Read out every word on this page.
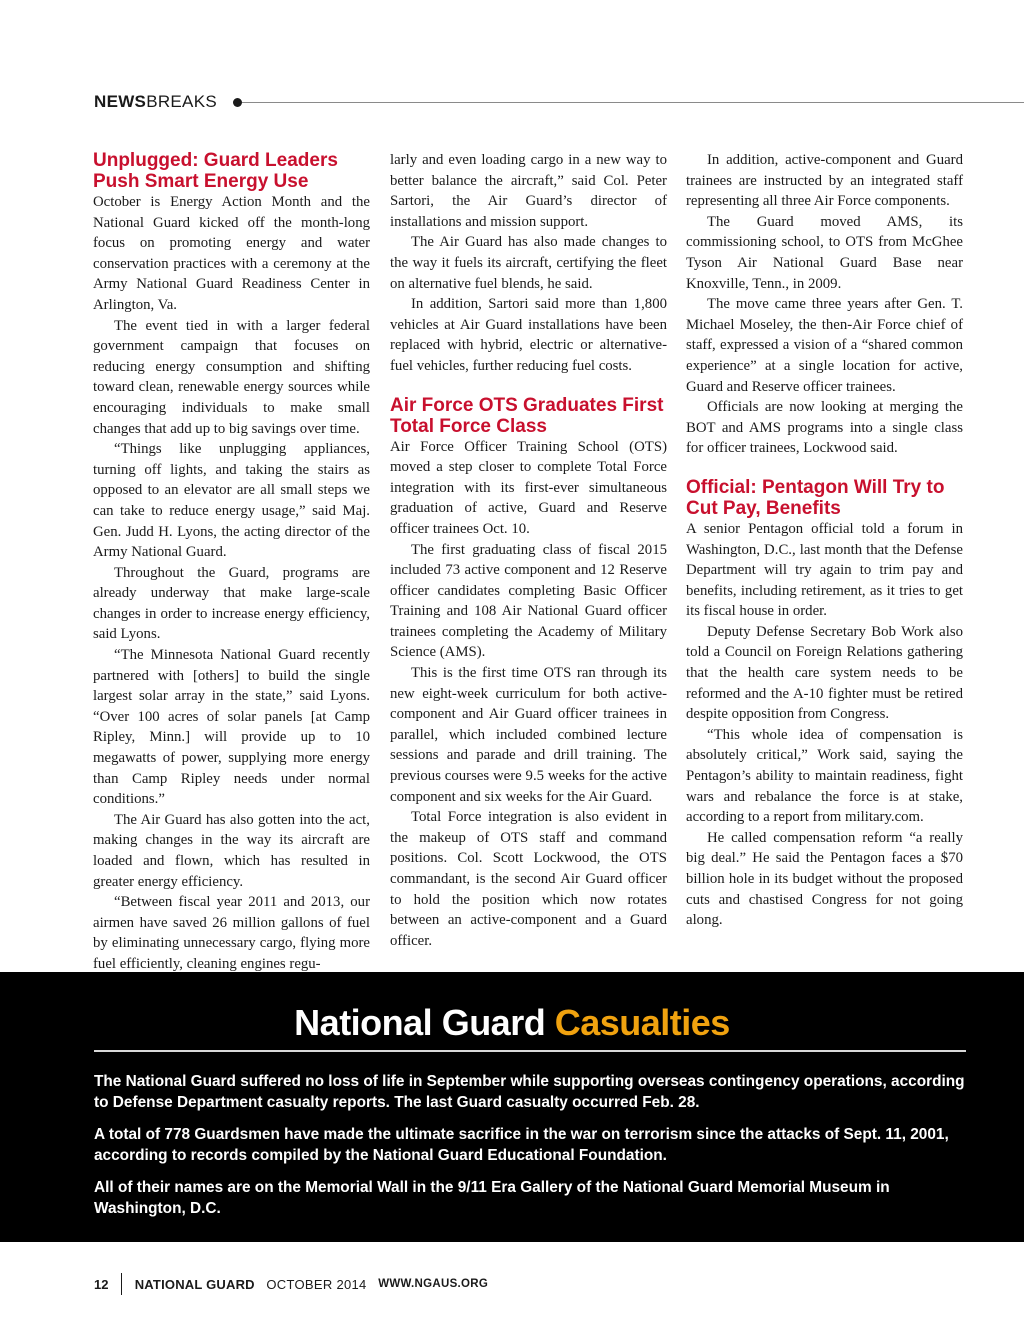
NEWSBREAKS
Unplugged: Guard Leaders Push Smart Energy Use

October is Energy Action Month and the National Guard kicked off the month-long focus on promoting energy and water conservation practices with a ceremony at the Army National Guard Readiness Center in Arlington, Va.

The event tied in with a larger federal government campaign that focuses on reducing energy consumption and shifting toward clean, renewable energy sources while encouraging individuals to make small changes that add up to big savings over time.

“Things like unplugging appliances, turning off lights, and taking the stairs as opposed to an elevator are all small steps we can take to reduce energy usage,” said Maj. Gen. Judd H. Lyons, the acting director of the Army National Guard.

Throughout the Guard, programs are already underway that make large-scale changes in order to increase energy efficiency, said Lyons.

“The Minnesota National Guard recently partnered with [others] to build the single largest solar array in the state,” said Lyons. “Over 100 acres of solar panels [at Camp Ripley, Minn.] will provide up to 10 megawatts of power, supplying more energy than Camp Ripley needs under normal conditions.”

The Air Guard has also gotten into the act, making changes in the way its aircraft are loaded and flown, which has resulted in greater energy efficiency.

“Between fiscal year 2011 and 2013, our airmen have saved 26 million gallons of fuel by eliminating unnecessary cargo, flying more fuel efficiently, cleaning engines regu-

larly and even loading cargo in a new way to better balance the aircraft,” said Col. Peter Sartori, the Air Guard’s director of installations and mission support.

The Air Guard has also made changes to the way it fuels its aircraft, certifying the fleet on alternative fuel blends, he said.

In addition, Sartori said more than 1,800 vehicles at Air Guard installations have been replaced with hybrid, electric or alternative-fuel vehicles, further reducing fuel costs.

Air Force OTS Graduates First Total Force Class

Air Force Officer Training School (OTS) moved a step closer to complete Total Force integration with its first-ever simultaneous graduation of active, Guard and Reserve officer trainees Oct. 10.

The first graduating class of fiscal 2015 included 73 active component and 12 Reserve officer candidates completing Basic Officer Training and 108 Air National Guard officer trainees completing the Academy of Military Science (AMS).

This is the first time OTS ran through its new eight-week curriculum for both active-component and Air Guard officer trainees in parallel, which included combined lecture sessions and parade and drill training. The previous courses were 9.5 weeks for the active component and six weeks for the Air Guard.

Total Force integration is also evident in the makeup of OTS staff and command positions. Col. Scott Lockwood, the OTS commandant, is the second Air Guard officer to hold the position which now rotates between an active-component and a Guard officer.

In addition, active-component and Guard trainees are instructed by an integrated staff representing all three Air Force components.

The Guard moved AMS, its commissioning school, to OTS from McGhee Tyson Air National Guard Base near Knoxville, Tenn., in 2009.

The move came three years after Gen. T. Michael Moseley, the then-Air Force chief of staff, expressed a vision of a “shared common experience” at a single location for active, Guard and Reserve officer trainees.

Officials are now looking at merging the BOT and AMS programs into a single class for officer trainees, Lockwood said.

Official: Pentagon Will Try to Cut Pay, Benefits

A senior Pentagon official told a forum in Washington, D.C., last month that the Defense Department will try again to trim pay and benefits, including retirement, as it tries to get its fiscal house in order.

Deputy Defense Secretary Bob Work also told a Council on Foreign Relations gathering that the health care system needs to be reformed and the A-10 fighter must be retired despite opposition from Congress.

“This whole idea of compensation is absolutely critical,” Work said, saying the Pentagon’s ability to maintain readiness, fight wars and rebalance the force is at stake, according to a report from military.com.

He called compensation reform “a really big deal.” He said the Pentagon faces a $70 billion hole in its budget without the proposed cuts and chastised Congress for not going along.

National Guard Casualties

The National Guard suffered no loss of life in September while supporting overseas contingency operations, according to Defense Department casualty reports. The last Guard casualty occurred Feb. 28.

A total of 778 Guardsmen have made the ultimate sacrifice in the war on terrorism since the attacks of Sept. 11, 2001, according to records compiled by the National Guard Educational Foundation.

All of their names are on the Memorial Wall in the 9/11 Era Gallery of the National Guard Memorial Museum in Washington, D.C.

12 NATIONAL GUARD OCTOBER 2014 WWW.NGAUS.ORG
